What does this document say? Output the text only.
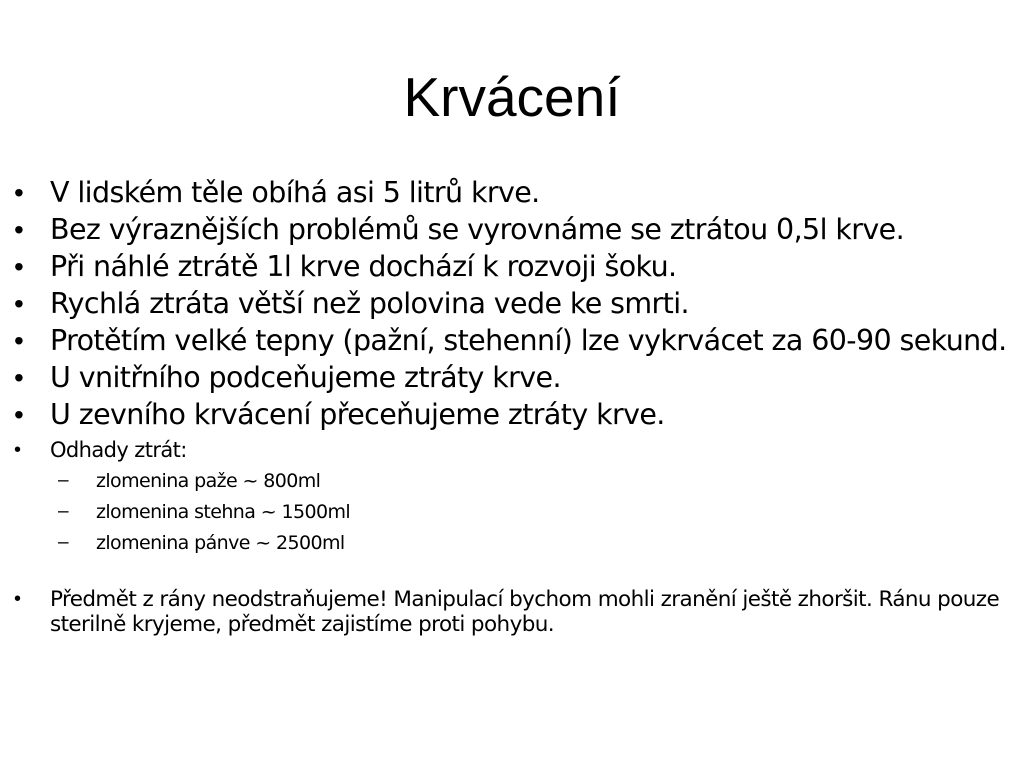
Krvácení

• V lidském těle obíhá asi 5 litrů krve.

• Bez výraznějších problémů se vyrovnáme se ztrátou 0,5l krve.

• Při náhlé ztrátě 1l krve dochází k rozvoji šoku.

• Rychlá ztráta větší než polovina vede ke smrti.

• Protětím velké tepny (pažní, stehenní) lze vykrvácet za 60-90 sekund.

• U vnitřního podceňujeme ztráty krve.

• U zevního krvácení přeceňujeme ztráty krve.

• Odhady ztrát:

– zlomenina paže ~ 800ml

– zlomenina stehna ~ 1500ml

– zlomenina pánve ~ 2500ml

• Předmět z rány neodstraňujeme! Manipulací bychom mohli zranění ještě zhoršit. Ránu pouze sterilně kryjeme, předmět zajistíme proti pohybu.
